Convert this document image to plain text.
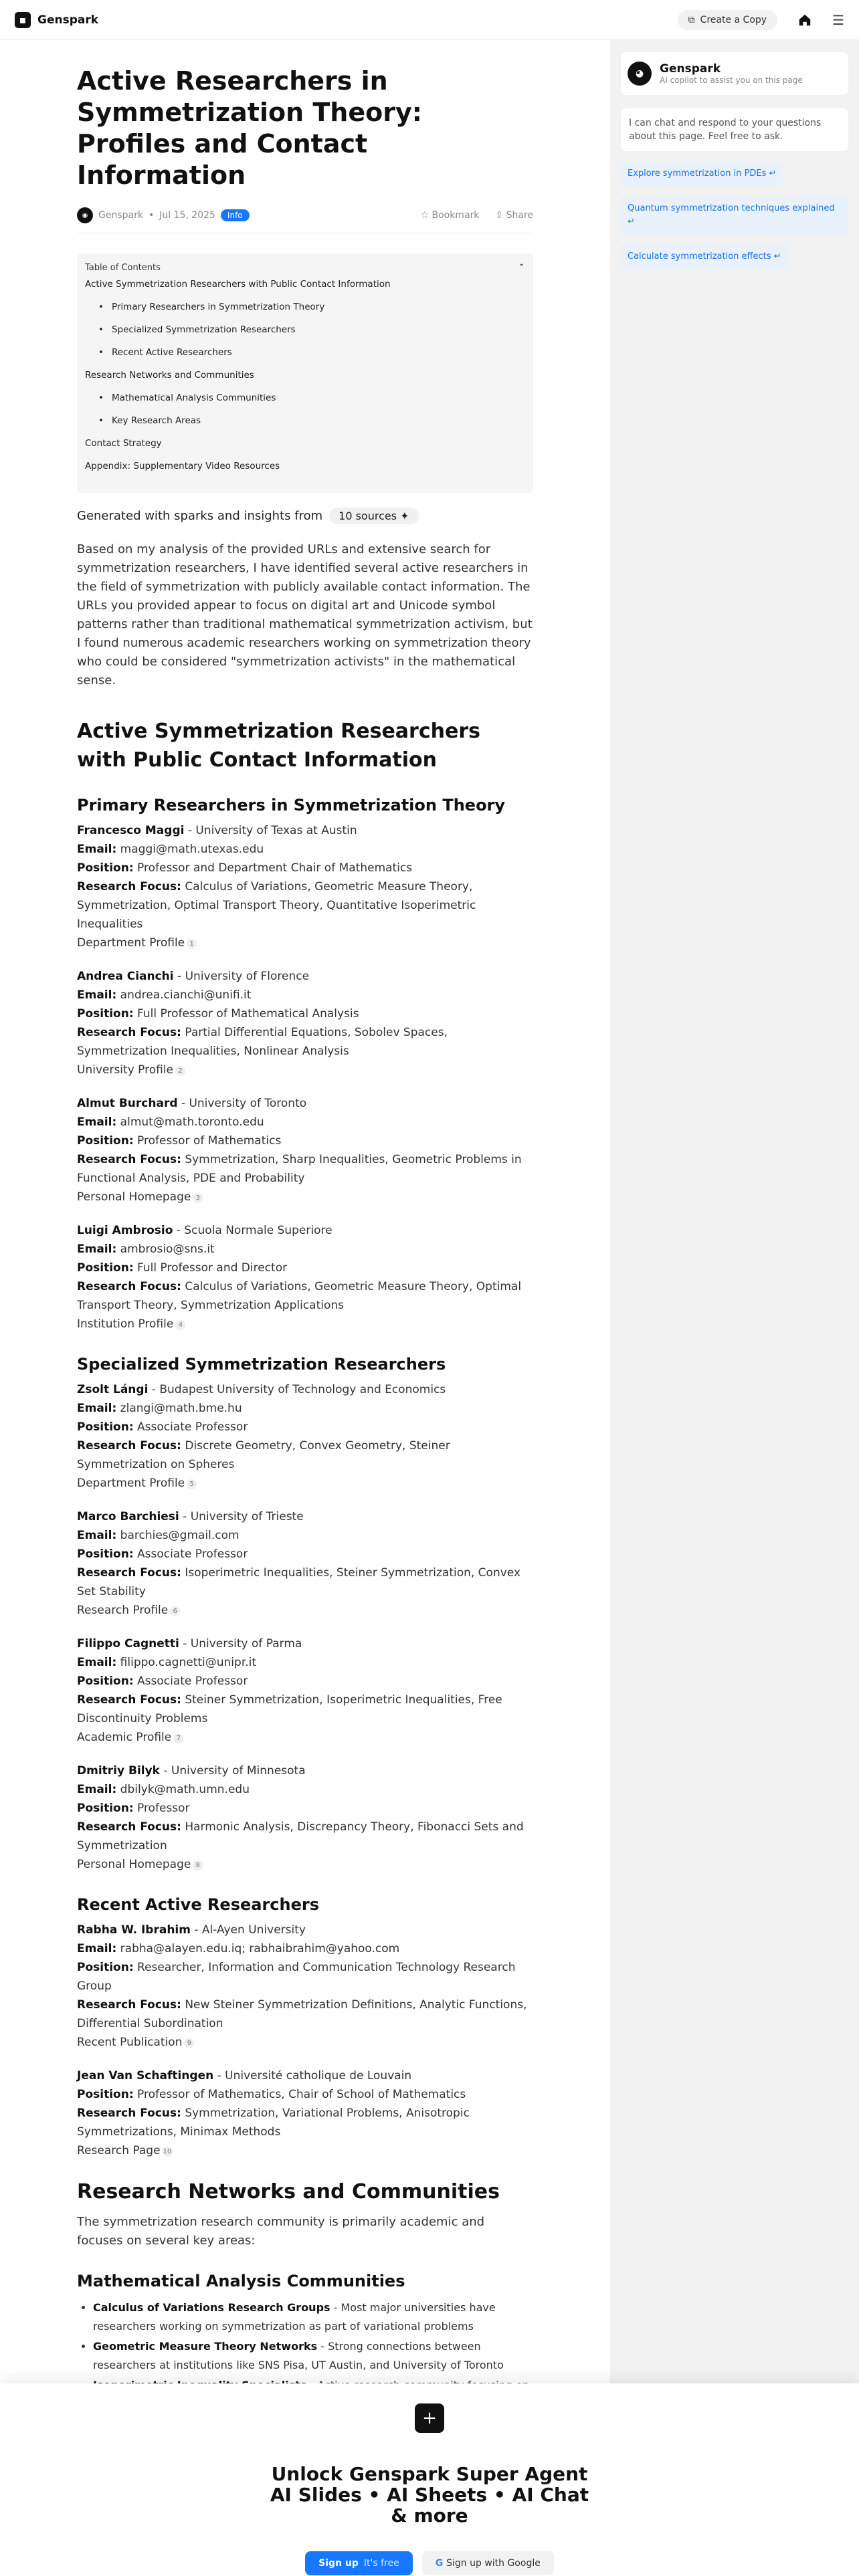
◼	Genspark	⧉ Create a Copy	☰
Active Researchers in Symmetrization Theory: Profiles and Contact Information
◉	Genspark • Jul 15, 2025	Info	☆ Bookmark ⇪ Share
Table of Contents	⌃
Active Symmetrization Researchers with Public Contact Information
• Primary Researchers in Symmetrization Theory
• Specialized Symmetrization Researchers
• Recent Active Researchers
Research Networks and Communities
• Mathematical Analysis Communities
• Key Research Areas
Contact Strategy
Appendix: Supplementary Video Resources
Generated with sparks and insights from	10 sources ✦

Based on my analysis of the provided URLs and extensive search for symmetrization researchers, I have identified several active researchers in the field of symmetrization with publicly available contact information. The URLs you provided appear to focus on digital art and Unicode symbol patterns rather than traditional mathematical symmetrization activism, but I found numerous academic researchers working on symmetrization theory who could be considered "symmetrization activists" in the mathematical sense.

Active Symmetrization Researchers with Public Contact Information
Primary Researchers in Symmetrization Theory
Francesco Maggi - University of Texas at Austin
Email: maggi@math.utexas.edu
Position: Professor and Department Chair of Mathematics
Research Focus: Calculus of Variations, Geometric Measure Theory, Symmetrization, Optimal Transport Theory, Quantitative Isoperimetric Inequalities
Department Profile 1
Andrea Cianchi - University of Florence
Email: andrea.cianchi@unifi.it
Position: Full Professor of Mathematical Analysis
Research Focus: Partial Differential Equations, Sobolev Spaces, Symmetrization Inequalities, Nonlinear Analysis
University Profile 2
Almut Burchard - University of Toronto
Email: almut@math.toronto.edu
Position: Professor of Mathematics
Research Focus: Symmetrization, Sharp Inequalities, Geometric Problems in Functional Analysis, PDE and Probability
Personal Homepage 3
Luigi Ambrosio - Scuola Normale Superiore
Email: ambrosio@sns.it
Position: Full Professor and Director
Research Focus: Calculus of Variations, Geometric Measure Theory, Optimal Transport Theory, Symmetrization Applications
Institution Profile 4
Specialized Symmetrization Researchers
Zsolt Lángi - Budapest University of Technology and Economics
Email: zlangi@math.bme.hu
Position: Associate Professor
Research Focus: Discrete Geometry, Convex Geometry, Steiner Symmetrization on Spheres
Department Profile 5
Marco Barchiesi - University of Trieste
Email: barchies@gmail.com
Position: Associate Professor
Research Focus: Isoperimetric Inequalities, Steiner Symmetrization, Convex Set Stability
Research Profile 6
Filippo Cagnetti - University of Parma
Email: filippo.cagnetti@unipr.it
Position: Associate Professor
Research Focus: Steiner Symmetrization, Isoperimetric Inequalities, Free Discontinuity Problems
Academic Profile 7
Dmitriy Bilyk - University of Minnesota
Email: dbilyk@math.umn.edu
Position: Professor
Research Focus: Harmonic Analysis, Discrepancy Theory, Fibonacci Sets and Symmetrization
Personal Homepage 8
Recent Active Researchers
Rabha W. Ibrahim - Al-Ayen University
Email: rabha@alayen.edu.iq; rabhaibrahim@yahoo.com
Position: Researcher, Information and Communication Technology Research Group
Research Focus: New Steiner Symmetrization Definitions, Analytic Functions, Differential Subordination
Recent Publication 9
Jean Van Schaftingen - Université catholique de Louvain
Position: Professor of Mathematics, Chair of School of Mathematics
Research Focus: Symmetrization, Variational Problems, Anisotropic Symmetrizations, Minimax Methods
Research Page 10
Research Networks and Communities

The symmetrization research community is primarily academic and focuses on several key areas:

Mathematical Analysis Communities
• Calculus of Variations Research Groups - Most major universities have researchers working on symmetrization as part of variational problems
• Geometric Measure Theory Networks - Strong connections between researchers at institutions like SNS Pisa, UT Austin, and University of Toronto
•
◕	Genspark
AI copilot to assist you on this page
I can chat and respond to your questions about this page. Feel free to ask.
Explore symmetrization in PDEs ↵
Quantum symmetrization techniques explained ↵
Calculate symmetrization effects ↵
+
Unlock Genspark Super Agent AI Slides • AI Sheets • AI Chat & more
Sign up It's free	G Sign up with Google
